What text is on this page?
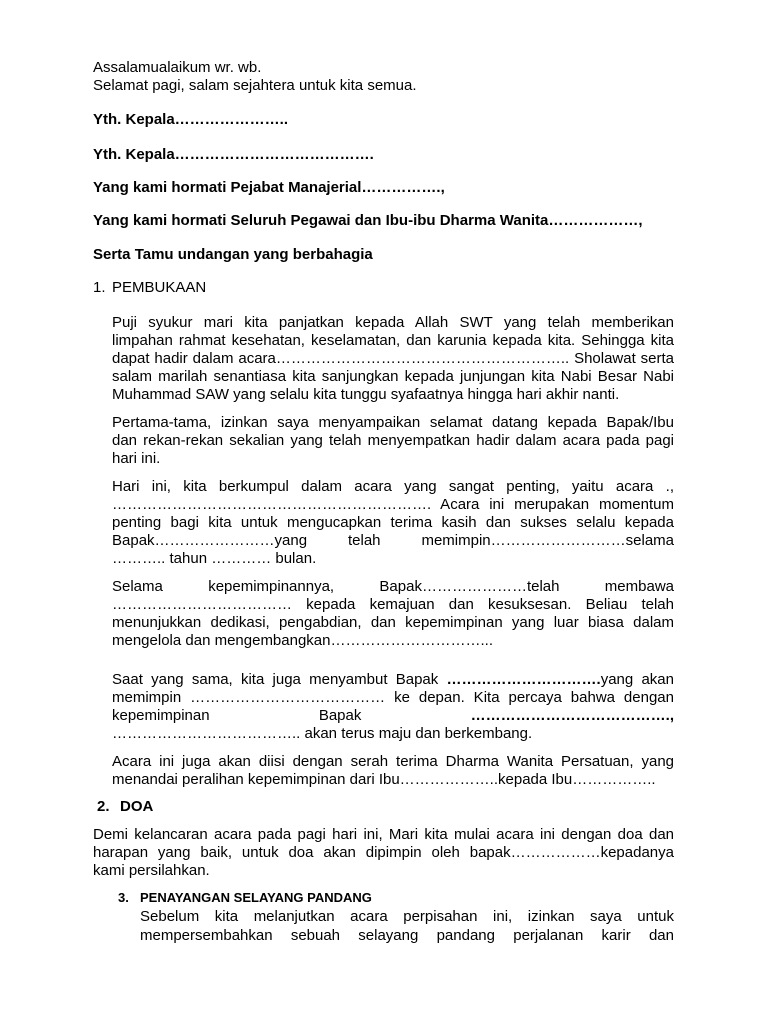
Assalamualaikum wr. wb.
Selamat pagi, salam sejahtera untuk kita semua.
Yth. Kepala…………………..
Yth. Kepala………………………………….
Yang kami hormati Pejabat Manajerial…………….,
Yang kami hormati Seluruh Pegawai dan Ibu-ibu Dharma Wanita………………,
Serta Tamu undangan yang berbahagia
1. PEMBUKAAN
Puji syukur mari kita panjatkan kepada Allah SWT yang telah memberikan
limpahan rahmat kesehatan, keselamatan, dan karunia kepada kita. Sehingga kita
dapat hadir dalam acara………………………………………………….. Sholawat serta
salam marilah senantiasa kita sanjungkan kepada junjungan kita Nabi Besar Nabi
Muhammad SAW yang selalu kita tunggu syafaatnya hingga hari akhir nanti.
Pertama-tama, izinkan saya menyampaikan selamat datang kepada Bapak/Ibu
dan rekan-rekan sekalian yang telah menyempatkan hadir dalam acara pada pagi
hari ini.
Hari ini, kita berkumpul dalam acara yang sangat penting, yaitu acara .,
………………………………………………………. Acara ini merupakan momentum
penting bagi kita untuk mengucapkan terima kasih dan sukses selalu kepada
Bapak……………………yang telah memimpin………………………selama
……….. tahun ………… bulan.
Selama kepemimpinannya, Bapak…………………telah membawa
……………………………… kepada kemajuan dan kesuksesan. Beliau telah
menunjukkan dedikasi, pengabdian, dan kepemimpinan yang luar biasa dalam
mengelola dan mengembangkan…………………………...
Saat yang sama, kita juga menyambut Bapak ………………………….yang akan
memimpin ………………………………… ke depan. Kita percaya bahwa dengan
kepemimpinan Bapak ………………………………….,
……………………………….. akan terus maju dan berkembang.
Acara ini juga akan diisi dengan serah terima Dharma Wanita Persatuan, yang
menandai peralihan kepemimpinan dari Ibu………………..kepada Ibu……………..
2. DOA
Demi kelancaran acara pada pagi hari ini, Mari kita mulai acara ini dengan doa dan
harapan yang baik, untuk doa akan dipimpin oleh bapak………………kepadanya
kami persilahkan.
3. PENAYANGAN SELAYANG PANDANG
Sebelum kita melanjutkan acara perpisahan ini, izinkan saya untuk
mempersembahkan sebuah selayang pandang perjalanan karir dan
